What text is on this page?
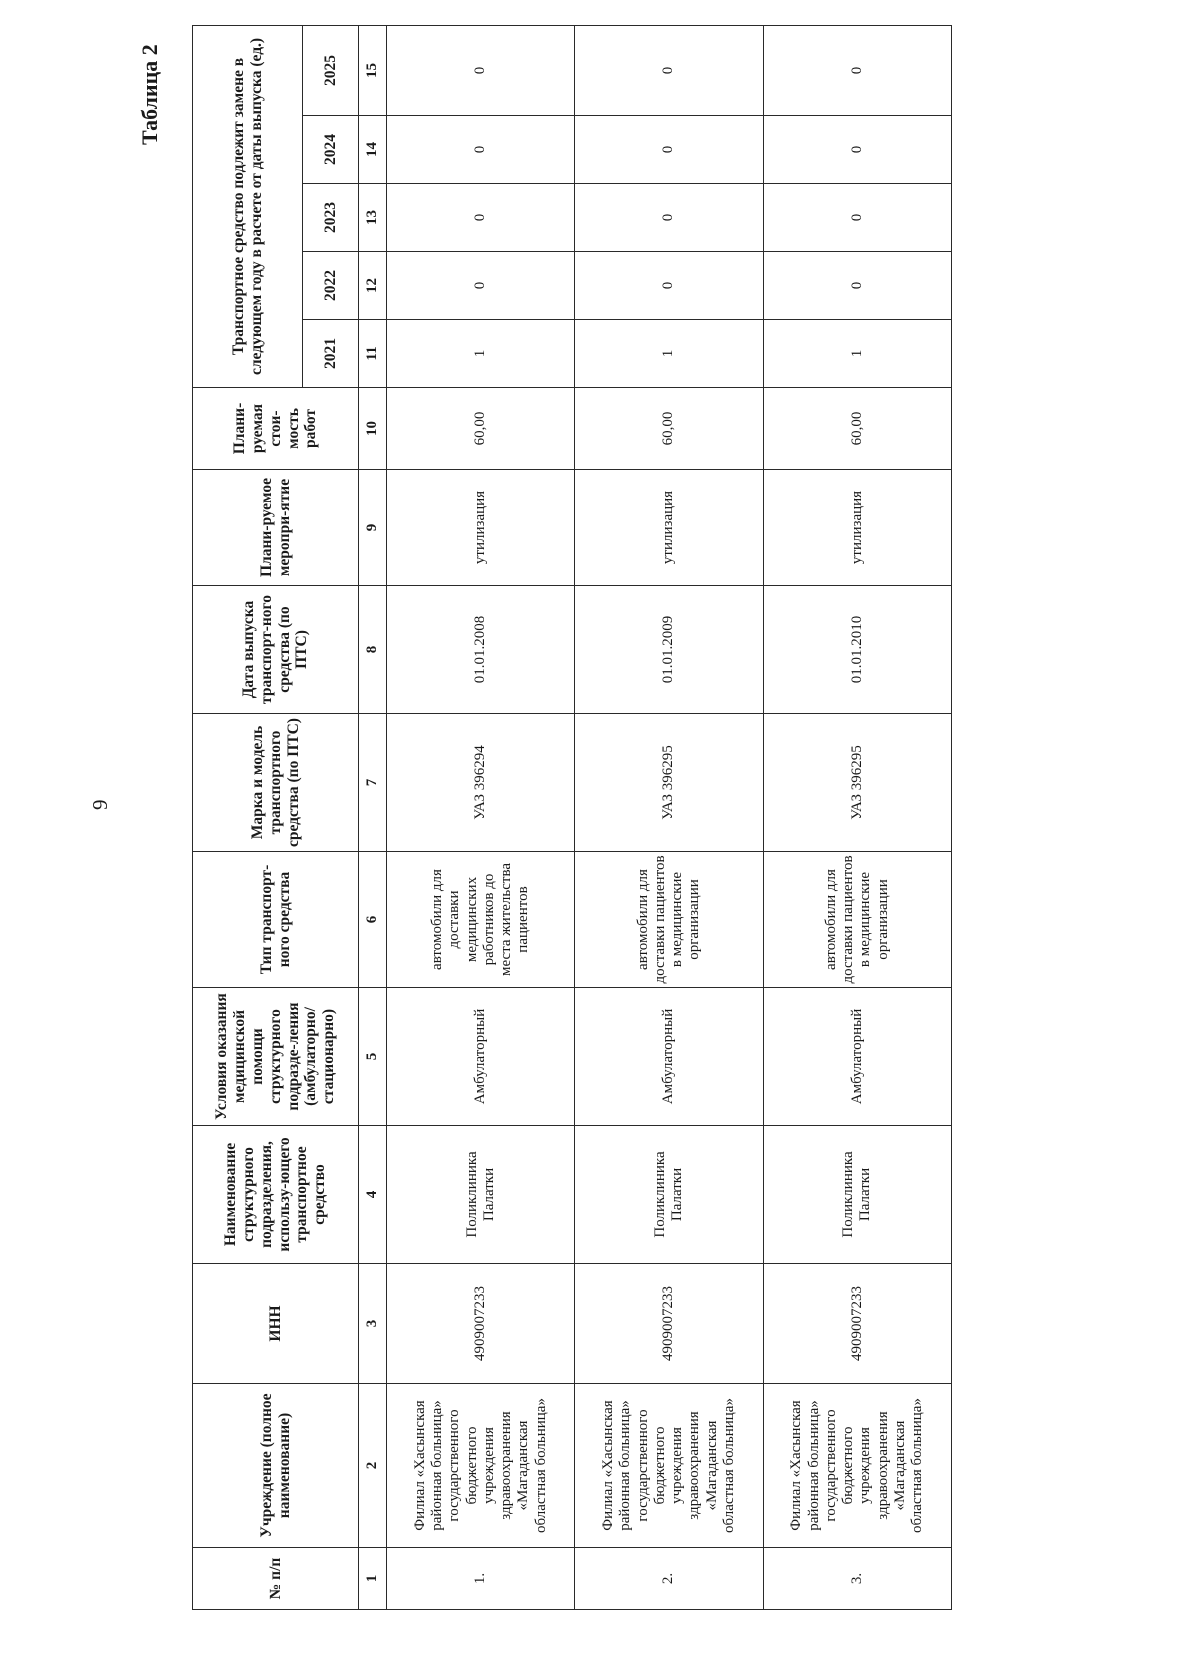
9
Таблица 2
№ п/п	Учреждение (полное наименование)	ИНН	Наименование структурного подразделения, использу-ющего транспортное средство	Условия оказания медицинской помощи структурного подразде-ления (амбулаторно/ стационарно)	Тип транспорт-ного средства	Марка и модель транспортного средства (по ПТС)	Дата выпуска транспорт-ного средства (по ПТС)	Плани-руемое меропри-ятие	Плани-руемая стои-мость работ	Транспортное средство подлежит замене в следующем году в расчете от даты выпуска (ед.)				
										2021	2022	2023	2024	2025
1	2	3	4	5	6	7	8	9	10	11	12	13	14	15
1.	Филиал «Хасынская районная больница» государственного бюджетного учреждения здравоохранения «Магаданская областная больница»	4909007233	Поликлиника Палатки	Амбулаторный	автомобили для доставки медицинских работников до места жительства пациентов	УАЗ 396294	01.01.2008	утилизация	60,00	1	0	0	0	0
2.	Филиал «Хасынская районная больница» государственного бюджетного учреждения здравоохранения «Магаданская областная больница»	4909007233	Поликлиника Палатки	Амбулаторный	автомобили для доставки пациентов в медицинские организации	УАЗ 396295	01.01.2009	утилизация	60,00	1	0	0	0	0
3.	Филиал «Хасынская районная больница» государственного бюджетного учреждения здравоохранения «Магаданская областная больница»	4909007233	Поликлиника Палатки	Амбулаторный	автомобили для доставки пациентов в медицинские организации	УАЗ 396295	01.01.2010	утилизация	60,00	1	0	0	0	0
